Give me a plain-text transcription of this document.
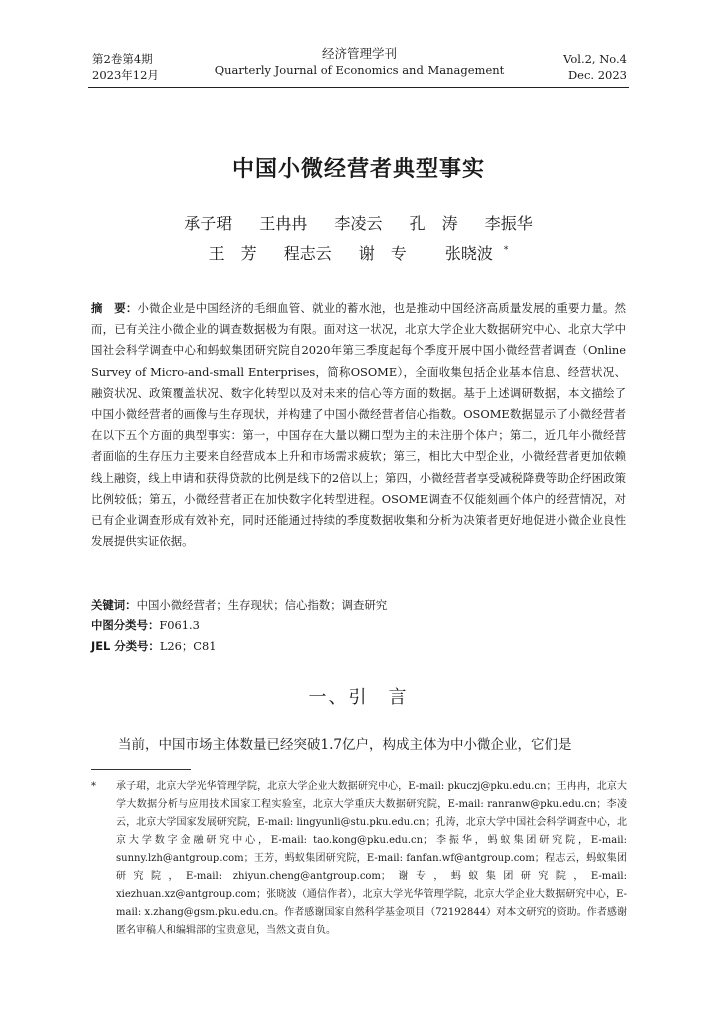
第2卷第4期
2023年12月
经济管理学刊
Quarterly Journal of Economics and Management
Vol.2, No.4
Dec. 2023
中国小微经营者典型事实
承子珺 王冉冉 李凌云 孔　涛 李振华
王　芳 程志云 谢　专 张晓波 *
摘　要：小微企业是中国经济的毛细血管、就业的蓄水池，也是推动中国经济高质量发展的重要力量。然而，已有关注小微企业的调查数据极为有限。面对这一状况，北京大学企业大数据研究中心、北京大学中国社会科学调查中心和蚂蚁集团研究院自2020年第三季度起每个季度开展中国小微经营者调查（Online Survey of Micro-and-small Enterprises，简称OSOME），全面收集包括企业基本信息、经营状况、融资状况、政策覆盖状况、数字化转型以及对未来的信心等方面的数据。基于上述调研数据，本文描绘了中国小微经营者的画像与生存现状，并构建了中国小微经营者信心指数。OSOME数据显示了小微经营者在以下五个方面的典型事实：第一，中国存在大量以糊口型为主的未注册个体户；第二，近几年小微经营者面临的生存压力主要来自经营成本上升和市场需求疲软；第三，相比大中型企业，小微经营者更加依赖线上融资，线上申请和获得贷款的比例是线下的2倍以上；第四，小微经营者享受减税降费等助企纾困政策比例较低；第五，小微经营者正在加快数字化转型进程。OSOME调查不仅能刻画个体户的经营情况，对已有企业调查形成有效补充，同时还能通过持续的季度数据收集和分析为决策者更好地促进小微企业良性发展提供实证依据。
关键词：中国小微经营者；生存现状；信心指数；调查研究
中图分类号：F061.3
JEL 分类号：L26；C81
一、引　言
当前，中国市场主体数量已经突破1.7亿户，构成主体为中小微企业，它们是
* 承子珺，北京大学光华管理学院，北京大学企业大数据研究中心，E-mail: pkuczj@pku.edu.cn；王冉冉，北京大学大数据分析与应用技术国家工程实验室，北京大学重庆大数据研究院，E-mail: ranranw@pku.edu.cn；李凌云，北京大学国家发展研究院，E-mail: lingyunli@stu.pku.edu.cn；孔涛，北京大学中国社会科学调查中心，北京大学数字金融研究中心，E-mail: tao.kong@pku.edu.cn；李振华，蚂蚁集团研究院，E-mail: sunny.lzh@antgroup.com；王芳，蚂蚁集团研究院，E-mail: fanfan.wf@antgroup.com；程志云，蚂蚁集团研究院，E-mail: zhiyun.cheng@antgroup.com；谢专，蚂蚁集团研究院，E-mail: xiezhuan.xz@antgroup.com；张晓波（通信作者），北京大学光华管理学院，北京大学企业大数据研究中心，E-mail: x.zhang@gsm.pku.edu.cn。作者感谢国家自然科学基金项目（72192844）对本文研究的资助。作者感谢匿名审稿人和编辑部的宝贵意见，当然文责自负。
